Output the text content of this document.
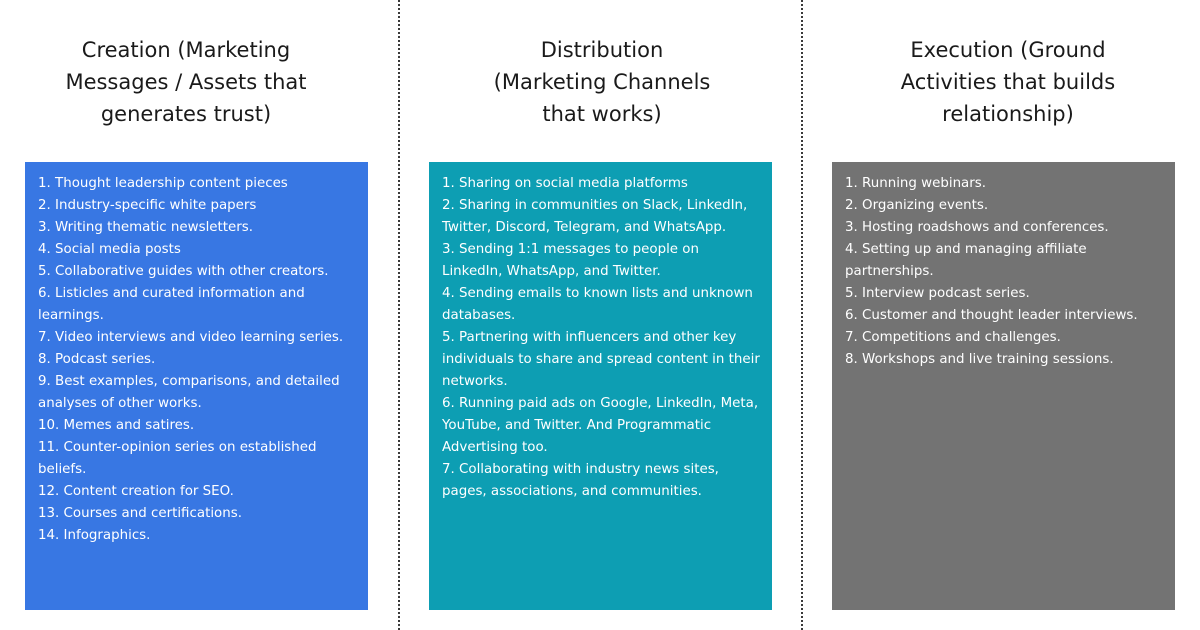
Creation (Marketing
Messages / Assets that
generates trust)
Distribution
(Marketing Channels
that works)
Execution (Ground
Activities that builds
relationship)
1. Thought leadership content pieces
2. Industry-specific white papers
3. Writing thematic newsletters.
4. Social media posts
5. Collaborative guides with other creators.
6. Listicles and curated information and learnings.
7. Video interviews and video learning series.
8. Podcast series.
9. Best examples, comparisons, and detailed analyses of other works.
10. Memes and satires.
11. Counter-opinion series on established beliefs.
12. Content creation for SEO.
13. Courses and certifications.
14. Infographics.
1. Sharing on social media platforms
2. Sharing in communities on Slack, LinkedIn, Twitter, Discord, Telegram, and WhatsApp.
3. Sending 1:1 messages to people on LinkedIn, WhatsApp, and Twitter.
4. Sending emails to known lists and unknown databases.
5. Partnering with influencers and other key individuals to share and spread content in their networks.
6. Running paid ads on Google, LinkedIn, Meta, YouTube, and Twitter. And Programmatic Advertising too.
7. Collaborating with industry news sites, pages, associations, and communities.
1. Running webinars.
2. Organizing events.
3. Hosting roadshows and conferences.
4. Setting up and managing affiliate partnerships.
5. Interview podcast series.
6. Customer and thought leader interviews.
7. Competitions and challenges.
8. Workshops and live training sessions.
